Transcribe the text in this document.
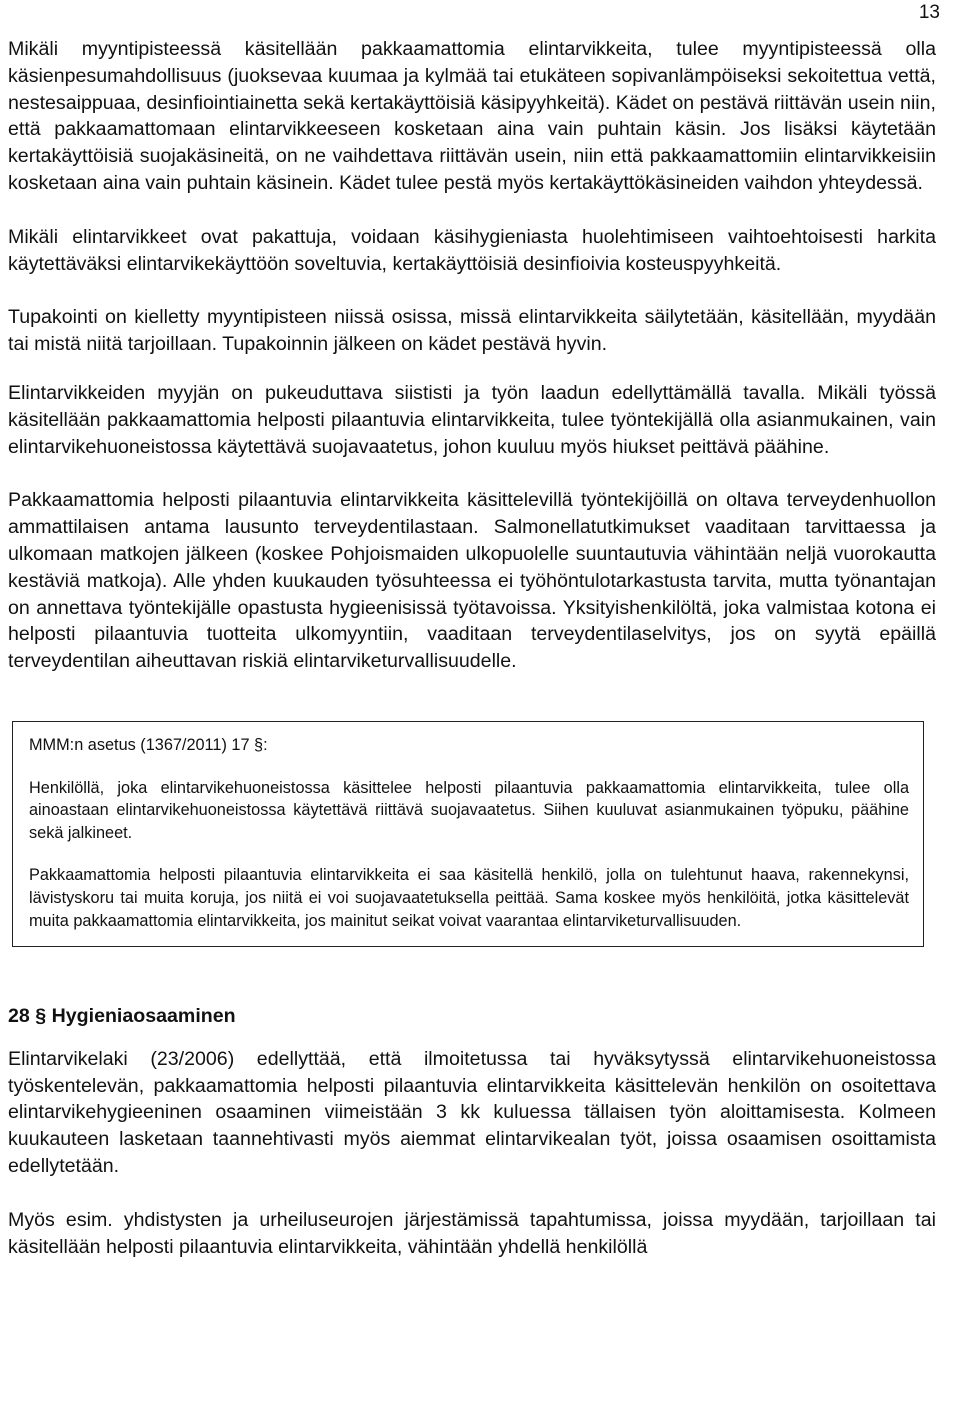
13

Mikäli myyntipisteessä käsitellään pakkaamattomia elintarvikkeita, tulee myyntipisteessä olla käsienpesumahdollisuus (juoksevaa kuumaa ja kylmää tai etukäteen sopivanlämpöiseksi sekoitettua vettä, nestesaippuaa, desinfiointiainetta sekä kertakäyttöisiä käsipyyhkeitä). Kädet on pestävä riittävän usein niin, että pakkaamattomaan elintarvikkeeseen kosketaan aina vain puhtain käsin. Jos lisäksi käytetään kertakäyttöisiä suojakäsineitä, on ne vaihdettava riittävän usein, niin että pakkaamattomiin elintarvikkeisiin kosketaan aina vain puhtain käsinein. Kädet tulee pestä myös kertakäyttökäsineiden vaihdon yhteydessä.

Mikäli elintarvikkeet ovat pakattuja, voidaan käsihygieniasta huolehtimiseen vaihtoehtoisesti harkita käytettäväksi elintarvikekäyttöön soveltuvia, kertakäyttöisiä desinfioivia kosteuspyyhkeitä.

Tupakointi on kielletty myyntipisteen niissä osissa, missä elintarvikkeita säilytetään, käsitellään, myydään tai mistä niitä tarjoillaan. Tupakoinnin jälkeen on kädet pestävä hyvin.

Elintarvikkeiden myyjän on pukeuduttava siististi ja työn laadun edellyttämällä tavalla. Mikäli työssä käsitellään pakkaamattomia helposti pilaantuvia elintarvikkeita, tulee työntekijällä olla asianmukainen, vain elintarvikehuoneistossa käytettävä suojavaatetus, johon kuuluu myös hiukset peittävä päähine.

Pakkaamattomia helposti pilaantuvia elintarvikkeita käsittelevillä työntekijöillä on oltava terveydenhuollon ammattilaisen antama lausunto terveydentilastaan. Salmonellatutkimukset vaaditaan tarvittaessa ja ulkomaan matkojen jälkeen (koskee Pohjoismaiden ulkopuolelle suuntautuvia vähintään neljä vuorokautta kestäviä matkoja). Alle yhden kuukauden työsuhteessa ei työhöntulotarkastusta tarvita, mutta työnantajan on annettava työntekijälle opastusta hygieenisissä työtavoissa. Yksityishenkilöltä, joka valmistaa kotona ei helposti pilaantuvia tuotteita ulkomyyntiin, vaaditaan terveydentilaselvitys, jos on syytä epäillä terveydentilan aiheuttavan riskiä elintarviketurvallisuudelle.

MMM:n asetus (1367/2011) 17 §:

Henkilöllä, joka elintarvikehuoneistossa käsittelee helposti pilaantuvia pakkaamattomia elintarvikkeita, tulee olla ainoastaan elintarvikehuoneistossa käytettävä riittävä suojavaatetus. Siihen kuuluvat asianmukainen työpuku, päähine sekä jalkineet.

Pakkaamattomia helposti pilaantuvia elintarvikkeita ei saa käsitellä henkilö, jolla on tulehtunut haava, rakennekynsi, lävistyskoru tai muita koruja, jos niitä ei voi suojavaatetuksella peittää. Sama koskee myös henkilöitä, jotka käsittelevät muita pakkaamattomia elintarvikkeita, jos mainitut seikat voivat vaarantaa elintarviketurvallisuuden.

28 § Hygieniaosaaminen

Elintarvikelaki (23/2006) edellyttää, että ilmoitetussa tai hyväksytyssä elintarvikehuoneistossa työskentelevän, pakkaamattomia helposti pilaantuvia elintarvikkeita käsittelevän henkilön on osoitettava elintarvikehygieeninen osaaminen viimeistään 3 kk kuluessa tällaisen työn aloittamisesta. Kolmeen kuukauteen lasketaan taannehtivasti myös aiemmat elintarvikealan työt, joissa osaamisen osoittamista edellytetään.

Myös esim. yhdistysten ja urheiluseurojen järjestämissä tapahtumissa, joissa myydään, tarjoillaan tai käsitellään helposti pilaantuvia elintarvikkeita, vähintään yhdellä henkilöllä
